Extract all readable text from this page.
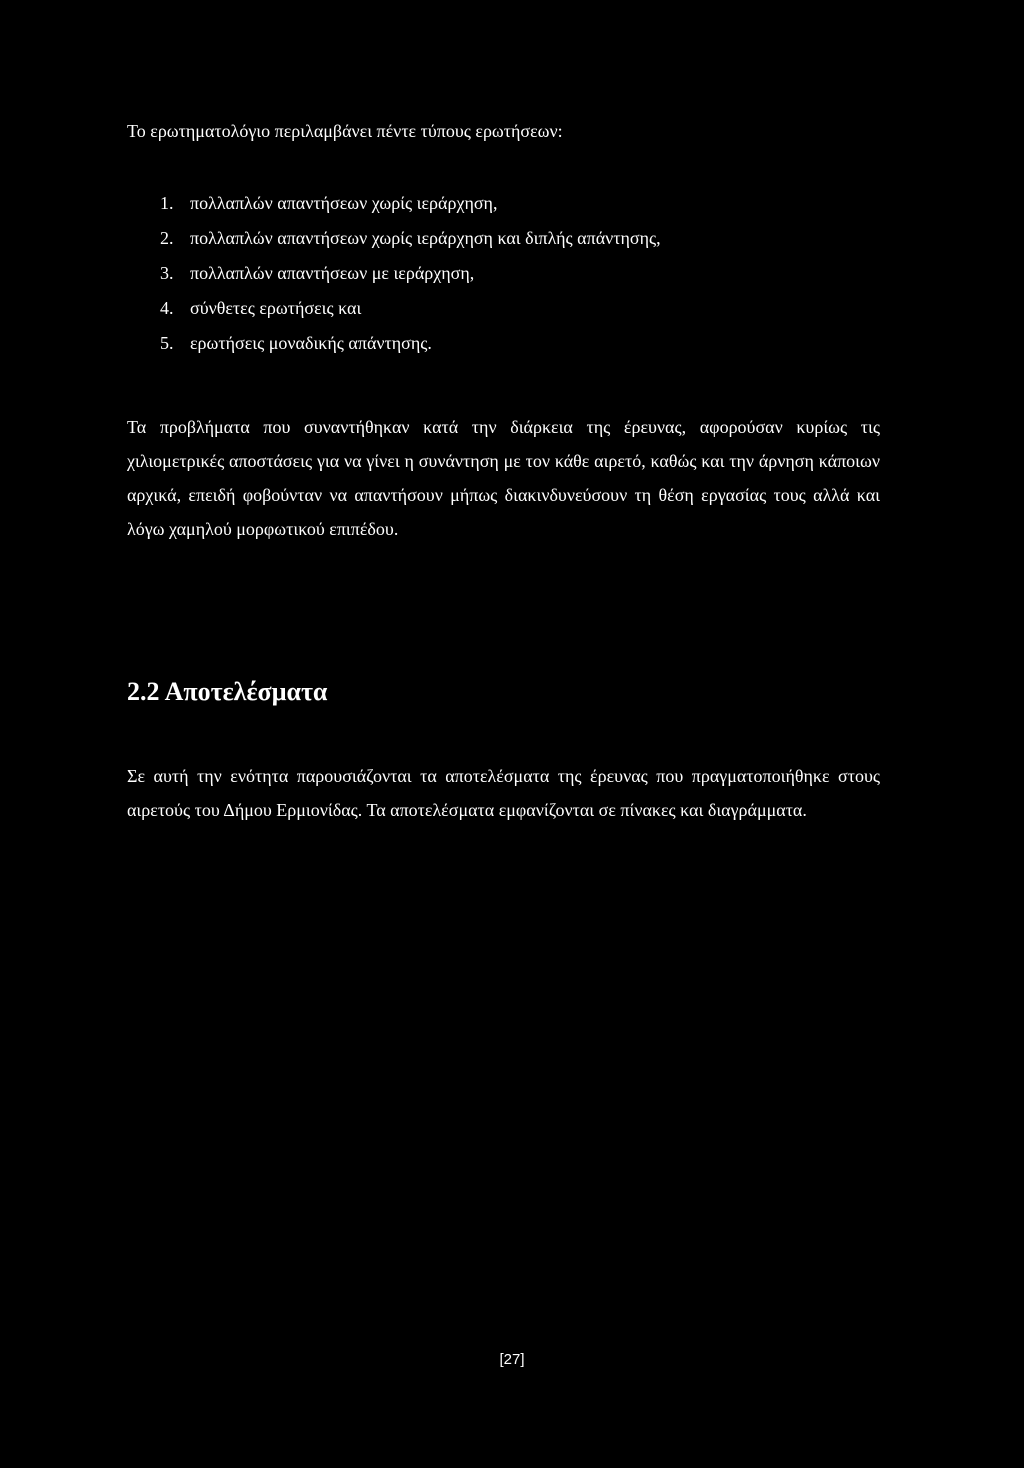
Το ερωτηματολόγιο περιλαμβάνει πέντε τύπους ερωτήσεων:

1. πολλαπλών απαντήσεων χωρίς ιεράρχηση,
2. πολλαπλών απαντήσεων χωρίς ιεράρχηση και διπλής απάντησης,
3. πολλαπλών απαντήσεων με ιεράρχηση,
4. σύνθετες ερωτήσεις και
5. ερωτήσεις μοναδικής απάντησης.

Τα προβλήματα που συναντήθηκαν κατά την διάρκεια της έρευνας, αφορούσαν κυρίως τις χιλιομετρικές αποστάσεις για να γίνει η συνάντηση με τον κάθε αιρετό, καθώς και την άρνηση κάποιων αρχικά, επειδή φοβούνταν να απαντήσουν μήπως διακινδυνεύσουν τη θέση εργασίας τους αλλά και λόγω χαμηλού μορφωτικού επιπέδου.

2.2 Αποτελέσματα

Σε αυτή την ενότητα παρουσιάζονται τα αποτελέσματα της έρευνας που πραγματοποιήθηκε στους αιρετούς του Δήμου Ερμιονίδας. Τα αποτελέσματα εμφανίζονται σε πίνακες και διαγράμματα.

[27]
